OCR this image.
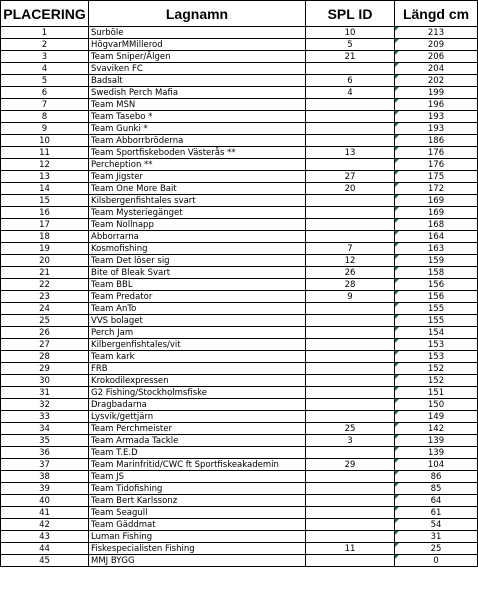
PLACERING	Lagnamn	SPL ID	Längd cm
1	Surböle	10	213
2	HögvarMMillerod	5	209
3	Team Sniper/Älgen	21	206
4	Svaviken FC		204
5	Badsalt	6	202
6	Swedish Perch Mafia	4	199
7	Team MSN		196
8	Team Tasebo *		193
9	Team Gunki *		193
10	Team Abborrbröderna		186
11	Team Sportfiskeboden Västerås **	13	176
12	Percheption **		176
13	Team Jigster	27	175
14	Team One More Bait	20	172
15	Kilsbergenfishtales svart		169
16	Team Mysteriegänget		169
17	Team Nollnapp		168
18	Abborrarna		164
19	Kosmofishing	7	163
20	Team Det löser sig	12	159
21	Bite of Bleak Svart	26	158
22	Team BBL	28	156
23	Team Predator	9	156
24	Team AnTo		155
25	VVS bolaget		155
26	Perch Jam		154
27	Kilbergenfishtales/vit		153
28	Team kark		153
29	FRB		152
30	Krokodilexpressen		152
31	G2 Fishing/Stockholmsfiske		151
32	Dragbadarna		150
33	Lysvik/gettjärn		149
34	Team Perchmeister	25	142
35	Team Armada Tackle	3	139
36	Team T.E.D		139
37	Team Marinfritid/CWC ft Sportfiskeakademin	29	104
38	Team JS		86
39	Team Tidofishing		85
40	Team Bert Karlssonz		64
41	Team Seagull		61
42	Team Gäddmat		54
43	Luman Fishing		31
44	Fiskespecialisten Fishing	11	25
45	MMJ BYGG		0
